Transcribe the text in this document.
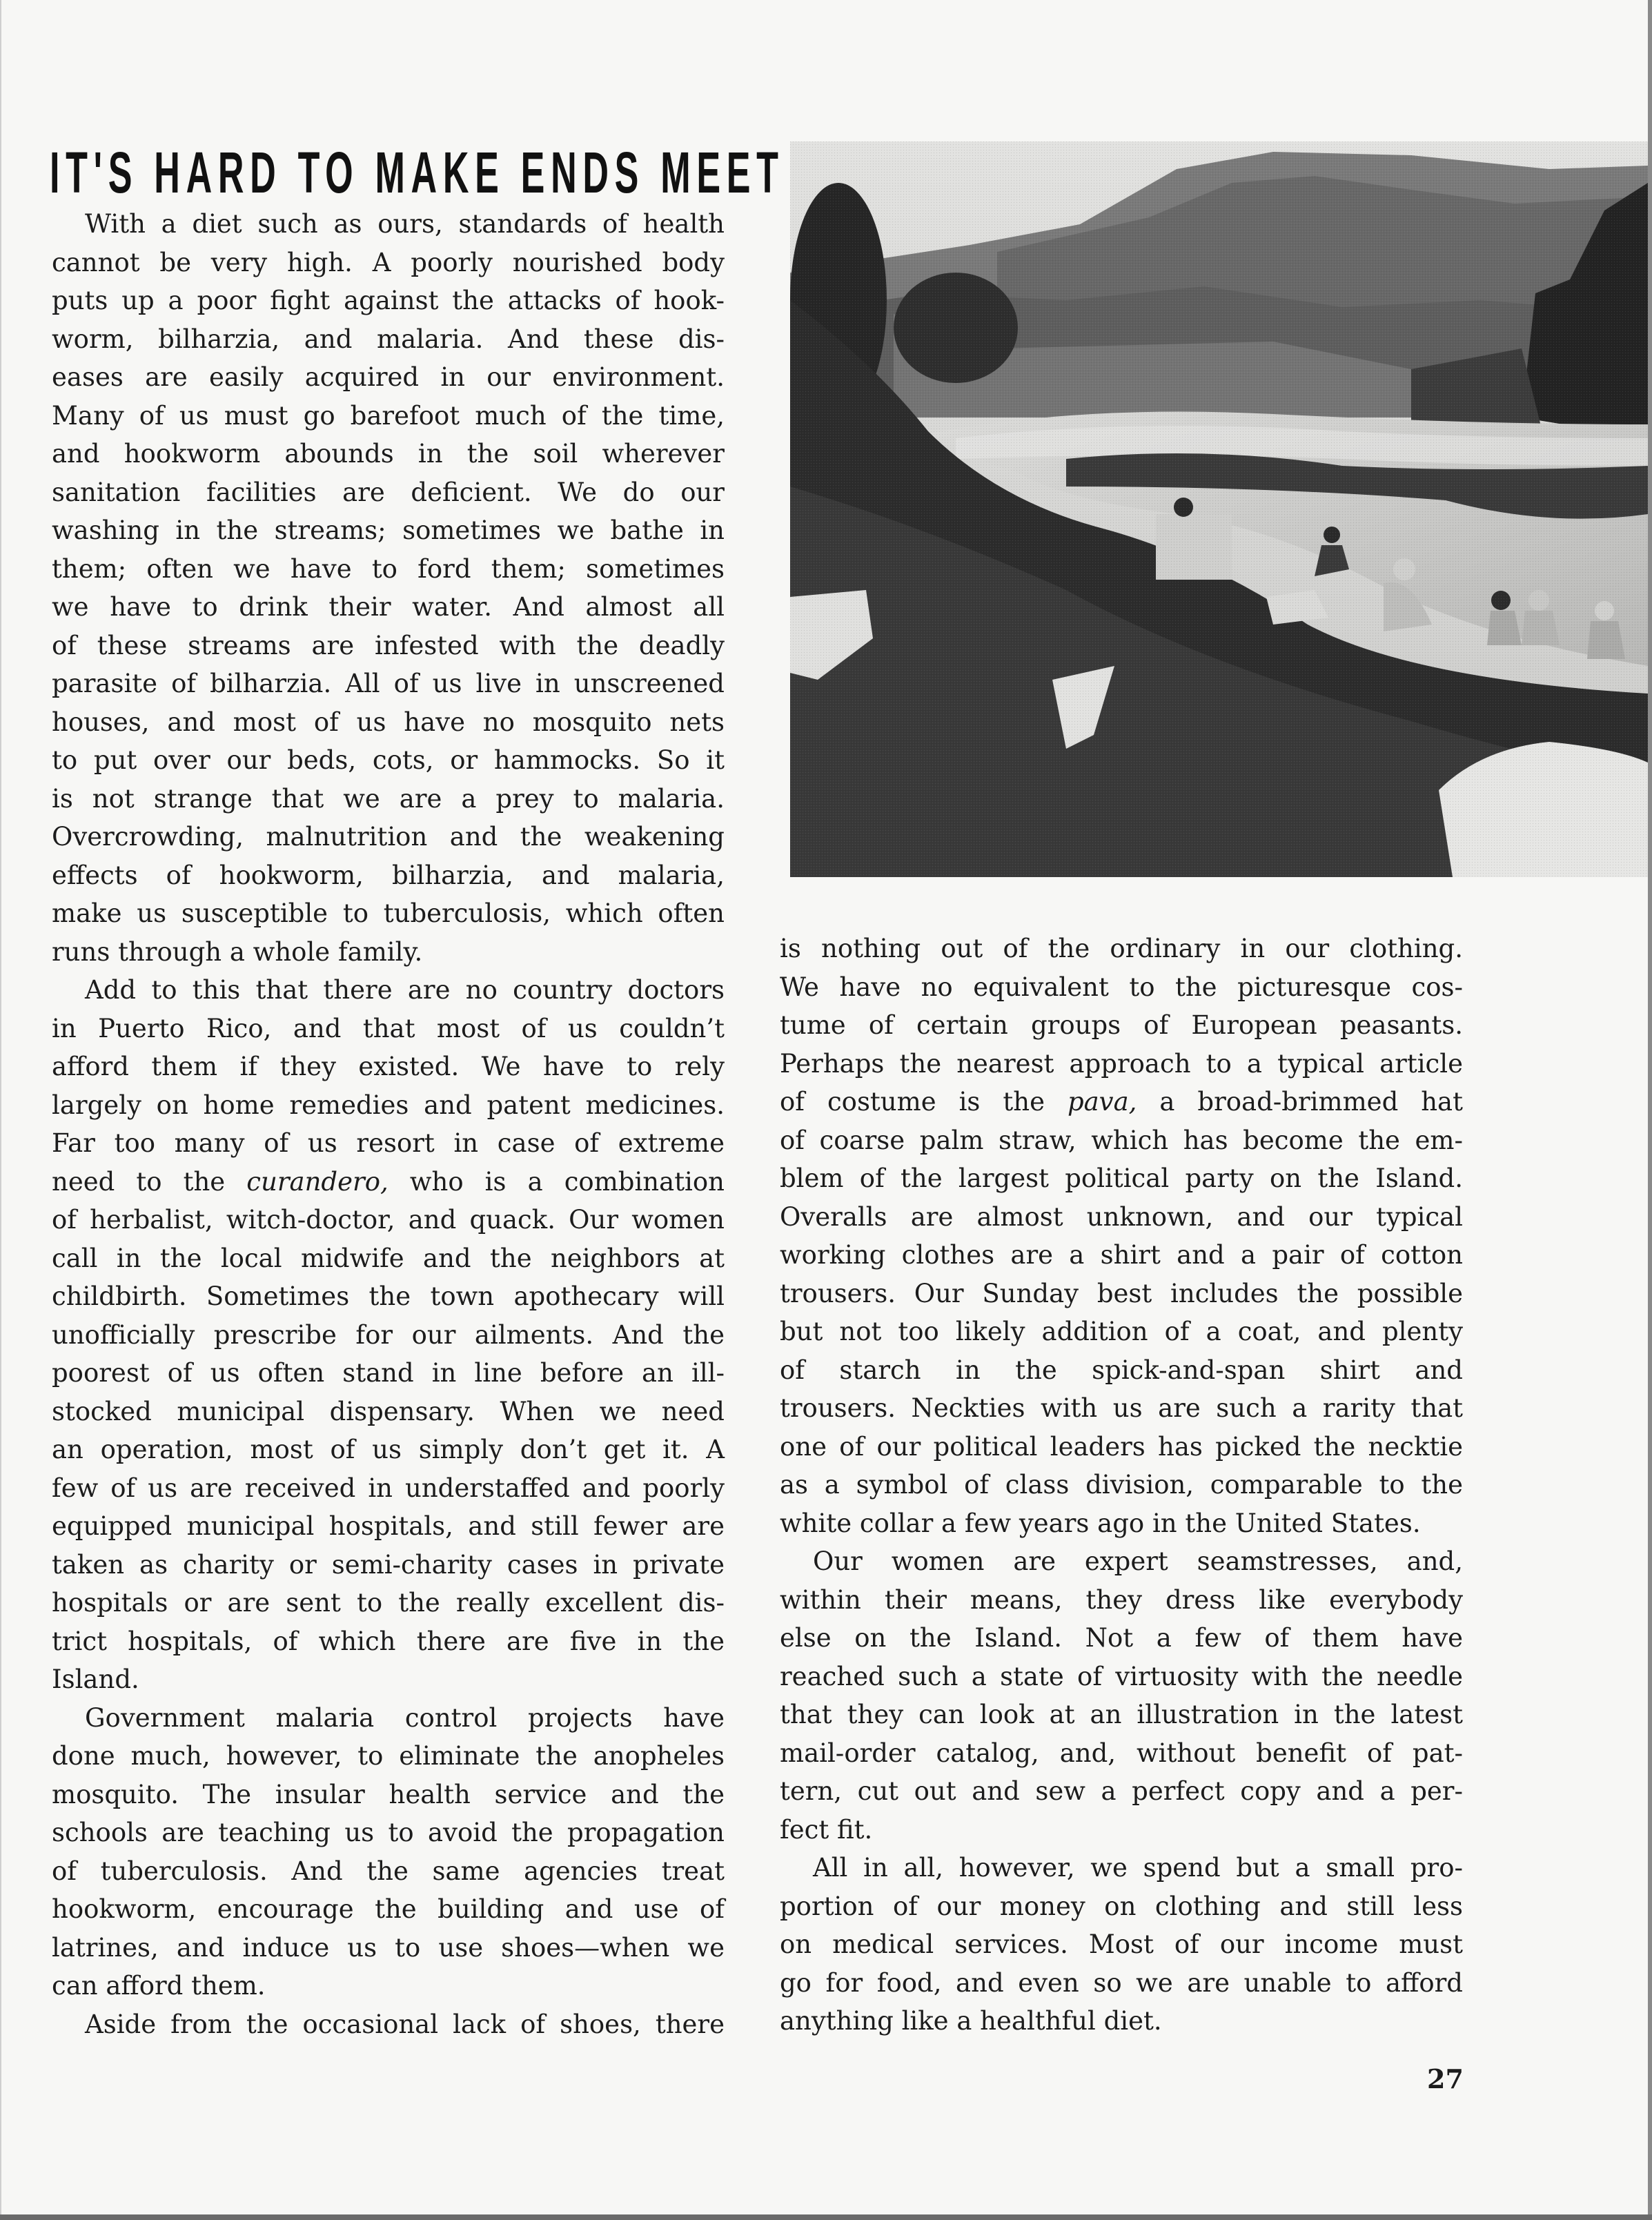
IT'S HARD TO MAKE ENDS MEET
With a diet such as ours, standards of health
cannot be very high. A poorly nourished body
puts up a poor fight against the attacks of hook-
worm, bilharzia, and malaria. And these dis-
eases are easily acquired in our environment.
Many of us must go barefoot much of the time,
and hookworm abounds in the soil wherever
sanitation facilities are deficient. We do our
washing in the streams; sometimes we bathe in
them; often we have to ford them; sometimes
we have to drink their water. And almost all
of these streams are infested with the deadly
parasite of bilharzia. All of us live in unscreened
houses, and most of us have no mosquito nets
to put over our beds, cots, or hammocks. So it
is not strange that we are a prey to malaria.
Overcrowding, malnutrition and the weakening
effects of hookworm, bilharzia, and malaria,
make us susceptible to tuberculosis, which often
runs through a whole family.
Add to this that there are no country doctors
in Puerto Rico, and that most of us couldn’t
afford them if they existed. We have to rely
largely on home remedies and patent medicines.
Far too many of us resort in case of extreme
need to the curandero, who is a combination
of herbalist, witch-doctor, and quack. Our women
call in the local midwife and the neighbors at
childbirth. Sometimes the town apothecary will
unofficially prescribe for our ailments. And the
poorest of us often stand in line before an ill-
stocked municipal dispensary. When we need
an operation, most of us simply don’t get it. A
few of us are received in understaffed and poorly
equipped municipal hospitals, and still fewer are
taken as charity or semi-charity cases in private
hospitals or are sent to the really excellent dis-
trict hospitals, of which there are five in the
Island.
Government malaria control projects have
done much, however, to eliminate the anopheles
mosquito. The insular health service and the
schools are teaching us to avoid the propagation
of tuberculosis. And the same agencies treat
hookworm, encourage the building and use of
latrines, and induce us to use shoes—when we
can afford them.
Aside from the occasional lack of shoes, there
is nothing out of the ordinary in our clothing.
We have no equivalent to the picturesque cos-
tume of certain groups of European peasants.
Perhaps the nearest approach to a typical article
of costume is the pava, a broad-brimmed hat
of coarse palm straw, which has become the em-
blem of the largest political party on the Island.
Overalls are almost unknown, and our typical
working clothes are a shirt and a pair of cotton
trousers. Our Sunday best includes the possible
but not too likely addition of a coat, and plenty
of starch in the spick-and-span shirt and
trousers. Neckties with us are such a rarity that
one of our political leaders has picked the necktie
as a symbol of class division, comparable to the
white collar a few years ago in the United States.
Our women are expert seamstresses, and,
within their means, they dress like everybody
else on the Island. Not a few of them have
reached such a state of virtuosity with the needle
that they can look at an illustration in the latest
mail-order catalog, and, without benefit of pat-
tern, cut out and sew a perfect copy and a per-
fect fit.
All in all, however, we spend but a small pro-
portion of our money on clothing and still less
on medical services. Most of our income must
go for food, and even so we are unable to afford
anything like a healthful diet.
27
